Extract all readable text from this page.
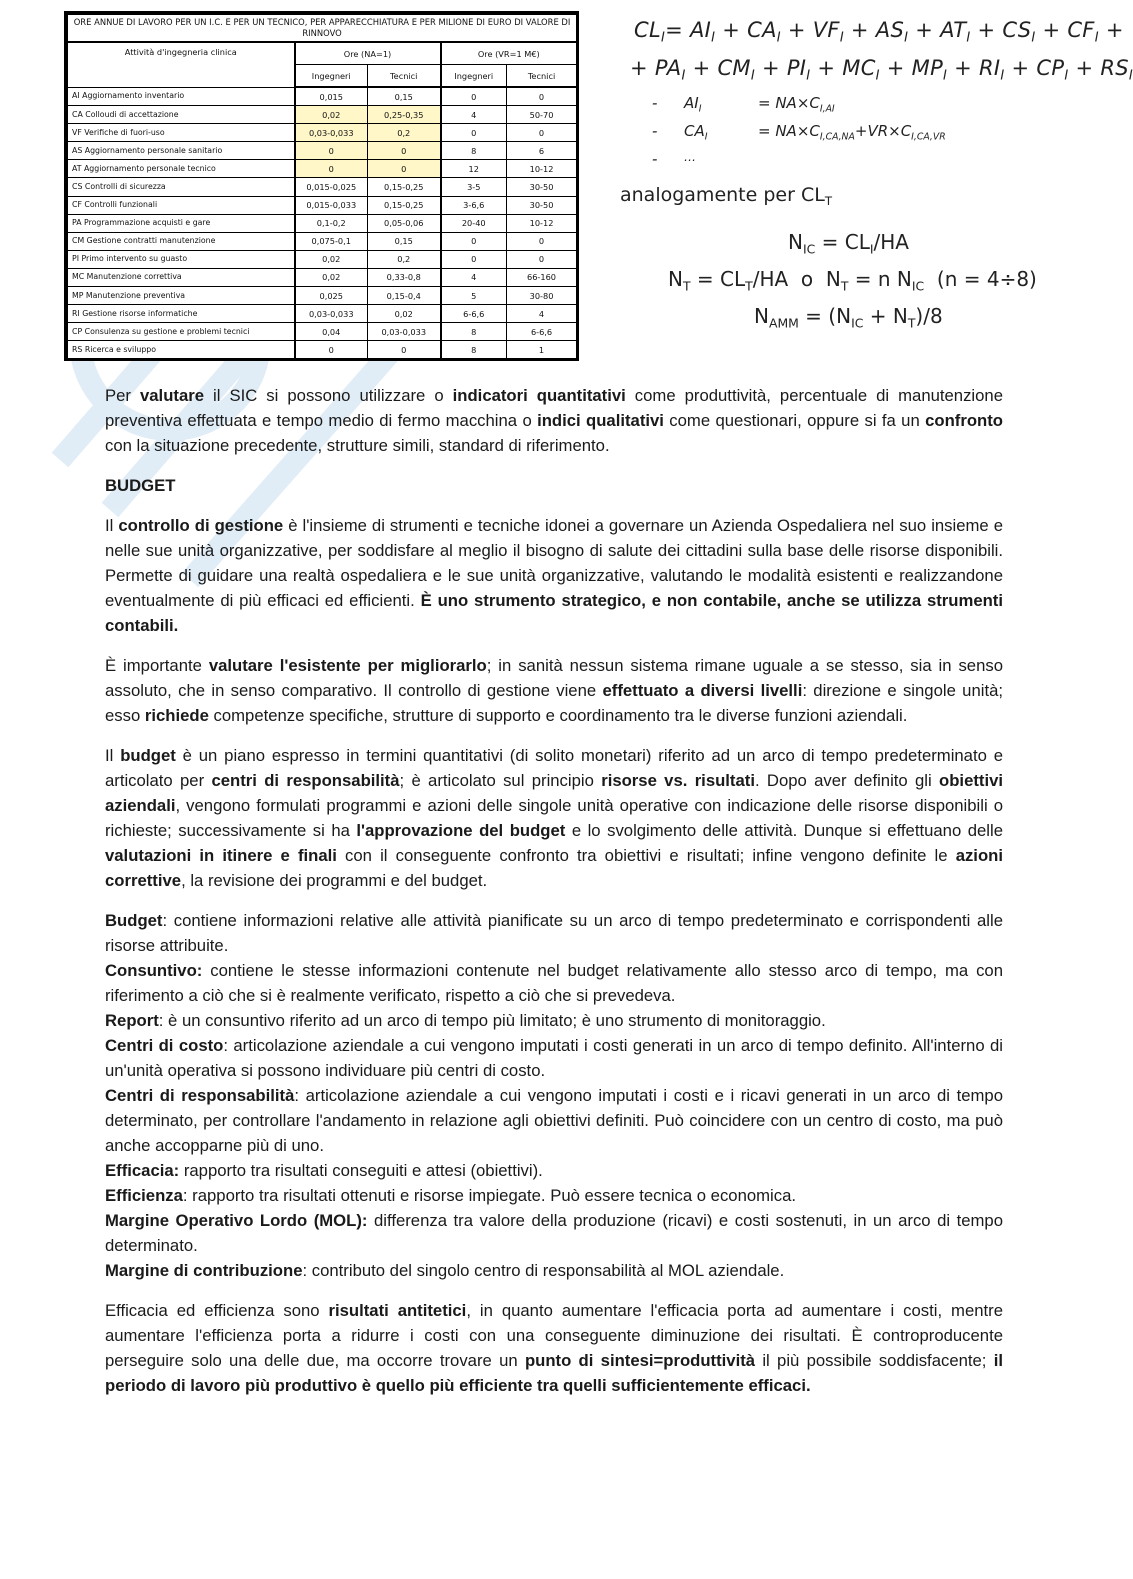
ORE ANNUE DI LAVORO PER UN I.C. E PER UN TECNICO, PER APPARECCHIATURA E PER MILIONE DI EURO DI VALORE DI RINNOVO				
Attività d'ingegneria clinica	Ore (NA=1)		Ore (VR=1 M€)	
	Ingegneri	Tecnici	Ingegneri	Tecnici
AI Aggiornamento inventario	0,015	0,15	0	0
CA Colloudi di accettazione	0,02	0,25-0,35	4	50-70
VF Verifiche di fuori-uso	0,03-0,033	0,2	0	0
AS Aggiornamento personale sanitario	0	0	8	6
AT Aggiornamento personale tecnico	0	0	12	10-12
CS Controlli di sicurezza	0,015-0,025	0,15-0,25	3-5	30-50
CF Controlli funzionali	0,015-0,033	0,15-0,25	3-6,6	30-50
PA Programmazione acquisti e gare	0,1-0,2	0,05-0,06	20-40	10-12
CM Gestione contratti manutenzione	0,075-0,1	0,15	0	0
PI Primo intervento su guasto	0,02	0,2	0	0
MC Manutenzione correttiva	0,02	0,33-0,8	4	66-160
MP Manutenzione preventiva	0,025	0,15-0,4	5	30-80
RI Gestione risorse informatiche	0,03-0,033	0,02	6-6,6	4
CP Consulenza su gestione e problemi tecnici	0,04	0,03-0,033	8	6-6,6
RS Ricerca e sviluppo	0	0	8	1
$CL_I= AI_I + CA_I + VF_I + AS_I + AT_I + CS_I + CF_I$ +
+ $PA_I + CM_I + PI_I + MC_I + MP_I + RI_I + CP_I + RS_I$
- $AI_I$	= $NA\times C_{I,AI}$
- $CA_I$	= $NA\times C_{I,CA,NA}+VR\times C_{I,CA,VR}$
- …
analogamente per $CL_T$
$N_{IC} = CL_I/HA$
$N_T = CL_T/HA$  o  $N_T = n$ $N_{IC}$ (n = 4÷8)
$N_{AMM} = (N_{IC} + N_T)/8$

Per valutare il SIC si possono utilizzare o indicatori quantitativi come produttività, percentuale di manutenzione preventiva effettuata e tempo medio di fermo macchina o indici qualitativi come questionari, oppure si fa un confronto con la situazione precedente, strutture simili, standard di riferimento.

BUDGET

Il controllo di gestione è l'insieme di strumenti e tecniche idonei a governare un Azienda Ospedaliera nel suo insieme e nelle sue unità organizzative, per soddisfare al meglio il bisogno di salute dei cittadini sulla base delle risorse disponibili. Permette di guidare una realtà ospedaliera e le sue unità organizzative, valutando le modalità esistenti e realizzandone eventualmente di più efficaci ed efficienti. È uno strumento strategico, e non contabile, anche se utilizza strumenti contabili.

È importante valutare l'esistente per migliorarlo; in sanità nessun sistema rimane uguale a se stesso, sia in senso assoluto, che in senso comparativo. Il controllo di gestione viene effettuato a diversi livelli: direzione e singole unità; esso richiede competenze specifiche, strutture di supporto e coordinamento tra le diverse funzioni aziendali.

Il budget è un piano espresso in termini quantitativi (di solito monetari) riferito ad un arco di tempo predeterminato e articolato per centri di responsabilità; è articolato sul principio risorse vs. risultati. Dopo aver definito gli obiettivi aziendali, vengono formulati programmi e azioni delle singole unità operative con indicazione delle risorse disponibili o richieste; successivamente si ha l'approvazione del budget e lo svolgimento delle attività. Dunque si effettuano delle valutazioni in itinere e finali con il conseguente confronto tra obiettivi e risultati; infine vengono definite le azioni correttive, la revisione dei programmi e del budget.

Budget: contiene informazioni relative alle attività pianificate su un arco di tempo predeterminato e corrispondenti alle risorse attribuite.
Consuntivo: contiene le stesse informazioni contenute nel budget relativamente allo stesso arco di tempo, ma con riferimento a ciò che si è realmente verificato, rispetto a ciò che si prevedeva.
Report: è un consuntivo riferito ad un arco di tempo più limitato; è uno strumento di monitoraggio.
Centri di costo: articolazione aziendale a cui vengono imputati i costi generati in un arco di tempo definito. All'interno di un'unità operativa si possono individuare più centri di costo.
Centri di responsabilità: articolazione aziendale a cui vengono imputati i costi e i ricavi generati in un arco di tempo determinato, per controllare l'andamento in relazione agli obiettivi definiti. Può coincidere con un centro di costo, ma può anche accopparne più di uno.
Efficacia: rapporto tra risultati conseguiti e attesi (obiettivi).
Efficienza: rapporto tra risultati ottenuti e risorse impiegate. Può essere tecnica o economica.
Margine Operativo Lordo (MOL): differenza tra valore della produzione (ricavi) e costi sostenuti, in un arco di tempo determinato.
Margine di contribuzione: contributo del singolo centro di responsabilità al MOL aziendale.

Efficacia ed efficienza sono risultati antitetici, in quanto aumentare l'efficacia porta ad aumentare i costi, mentre aumentare l'efficienza porta a ridurre i costi con una conseguente diminuzione dei risultati. È controproducente perseguire solo una delle due, ma occorre trovare un punto di sintesi=produttività il più possibile soddisfacente; il periodo di lavoro più produttivo è quello più efficiente tra quelli sufficientemente efficaci.
